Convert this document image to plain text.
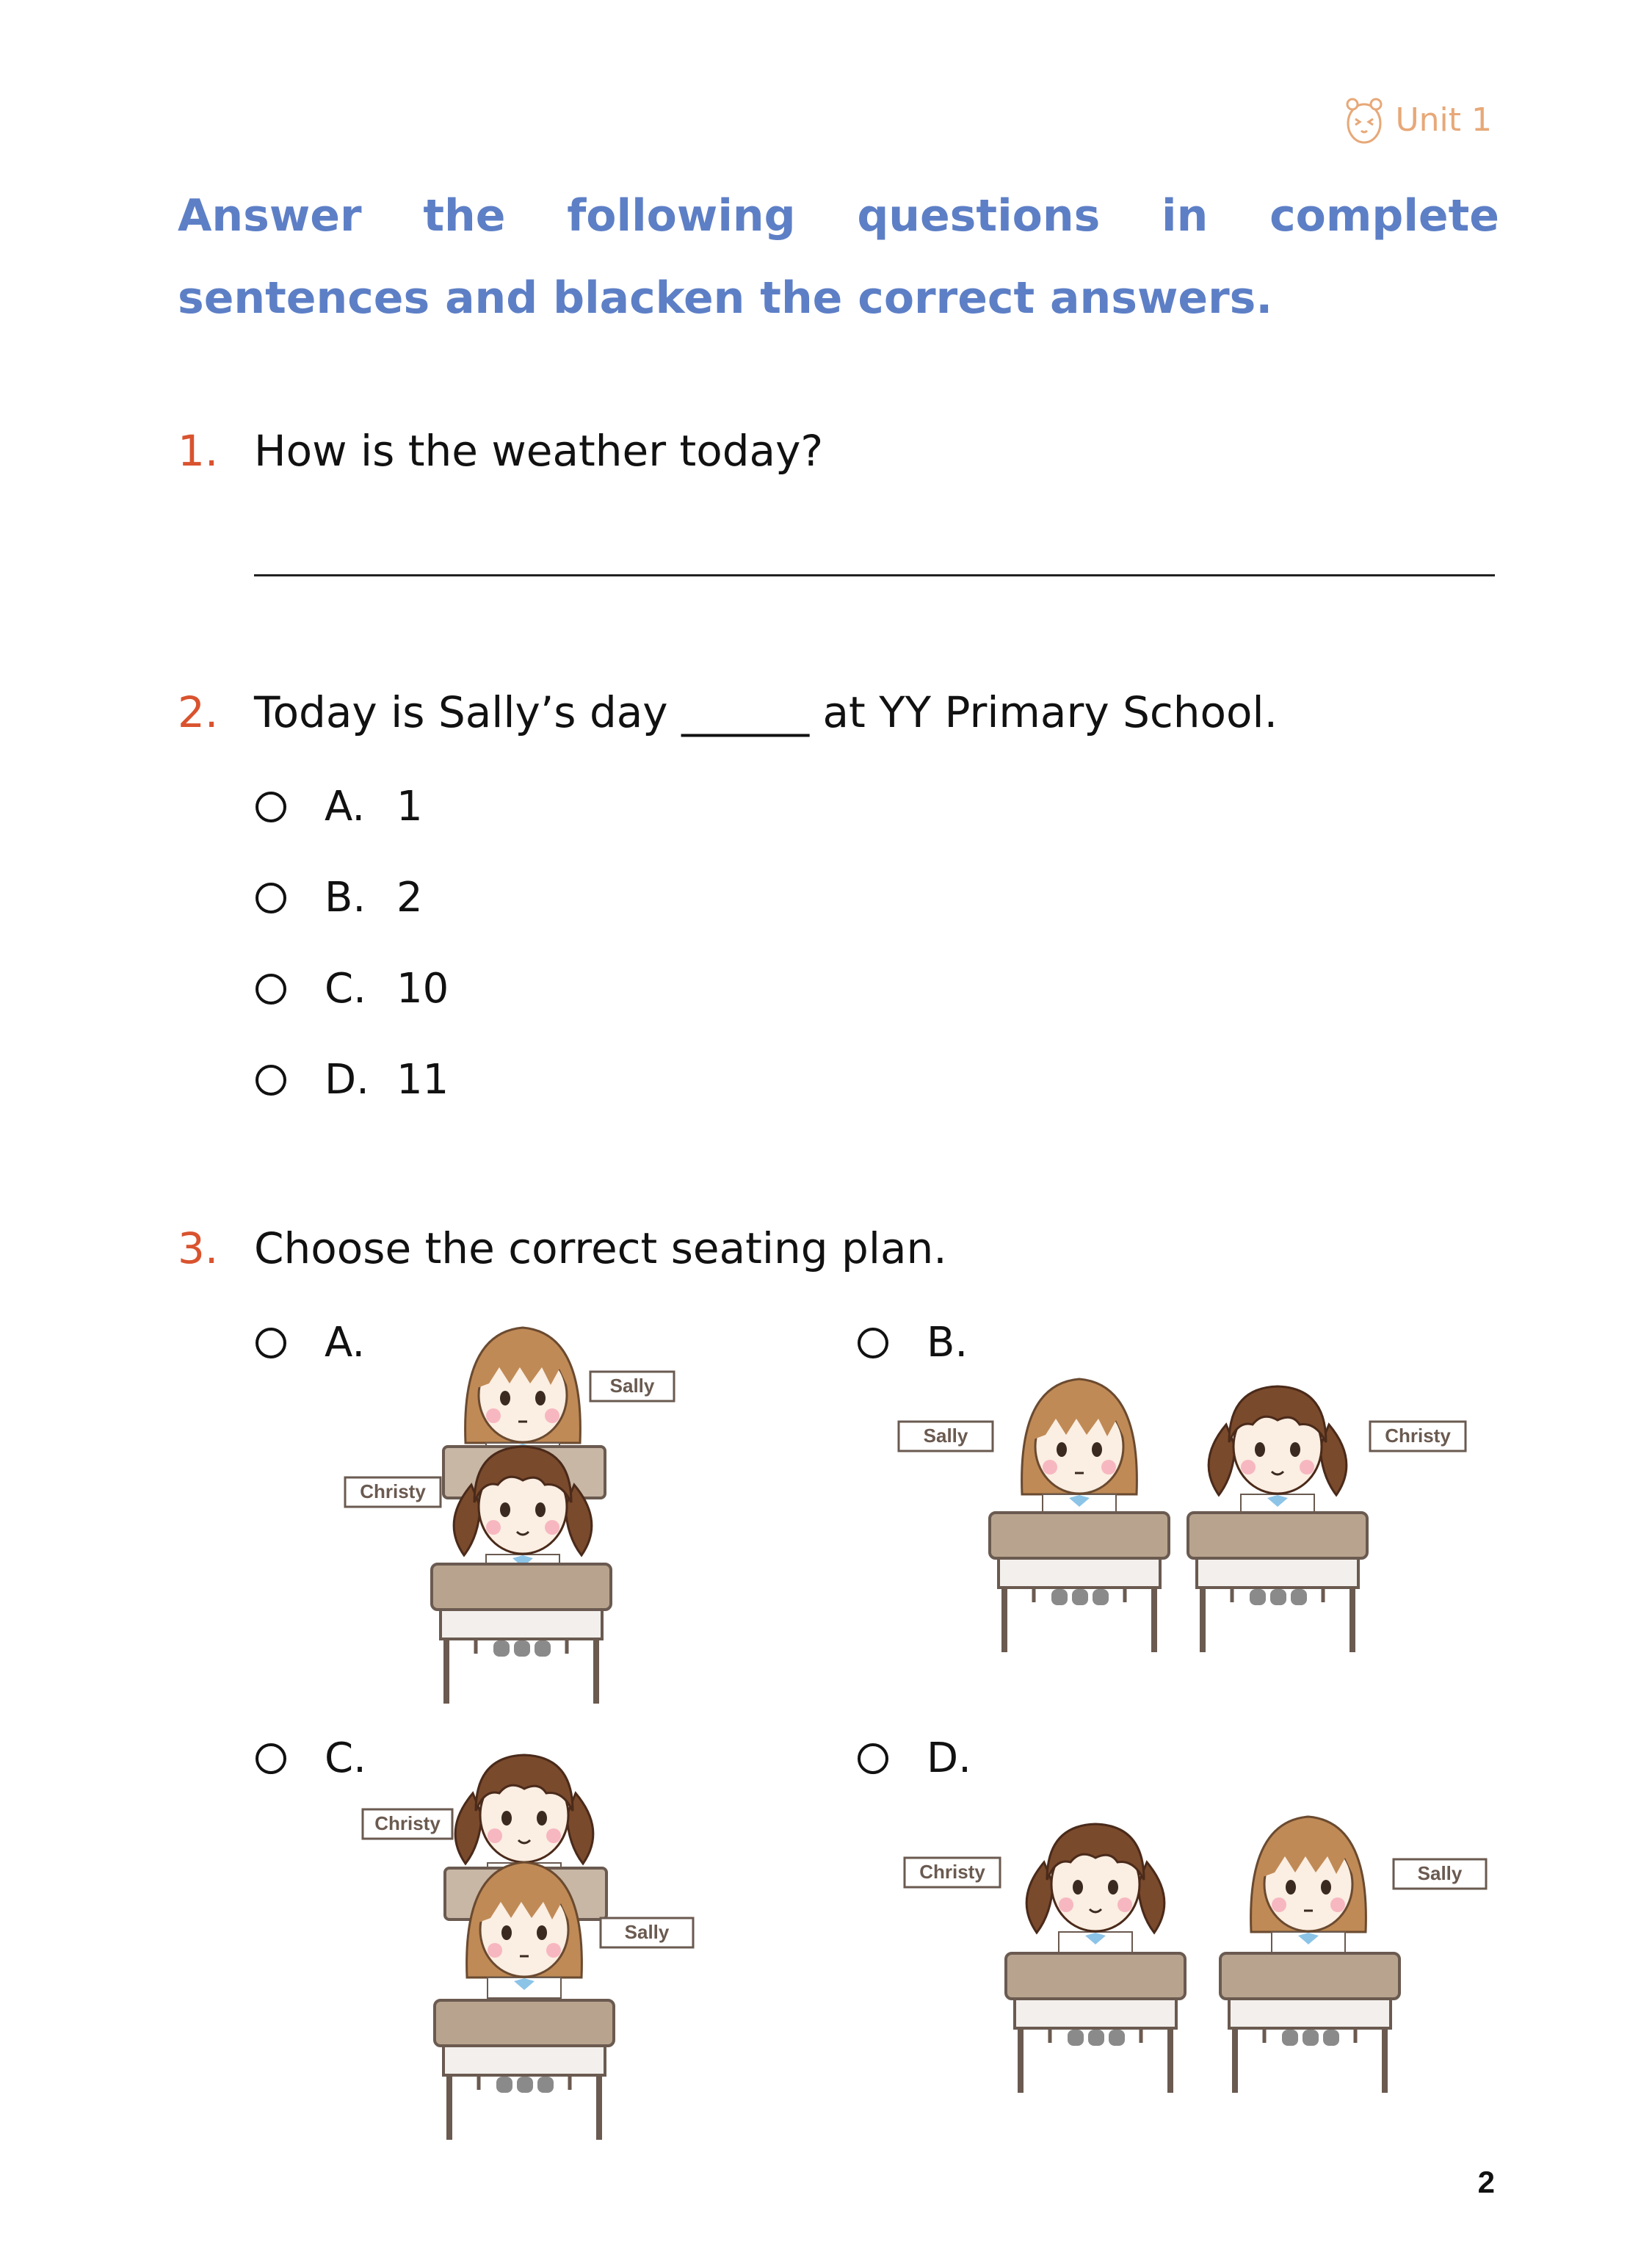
Unit 1
Answer the following questions in complete sentences and blacken the correct answers.
1. How is the weather today?
2. Today is Sally’s day ______ at YY Primary School.
A. 1
B. 2
C. 10
D. 11
3. Choose the correct seating plan.
A.
Sally
Christy
B.
Sally	Christy
C.
Christy
Sally
D.
Christy	Sally
2
